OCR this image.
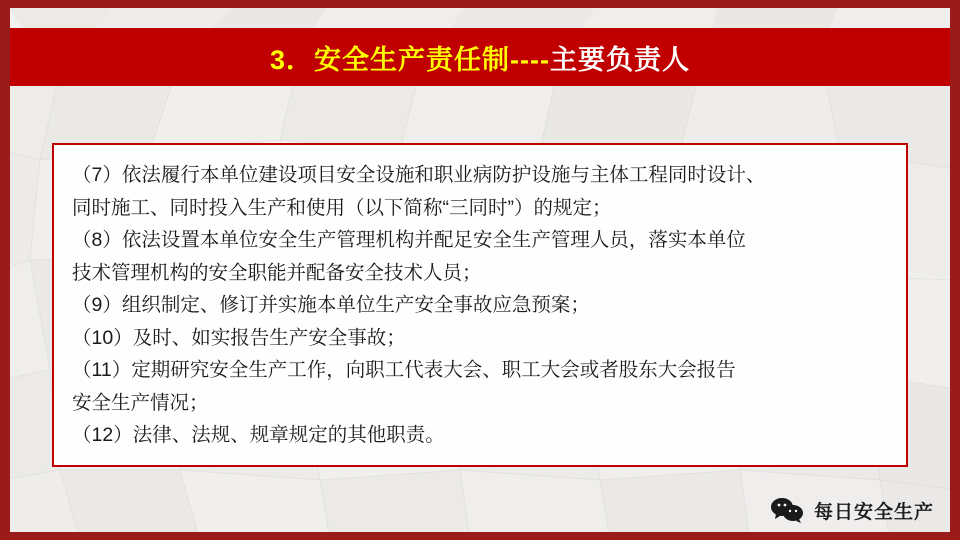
3．安全生产责任制----主要负责人
（7）依法履行本单位建设项目安全设施和职业病防护设施与主体工程同时设计、
同时施工、同时投入生产和使用（以下简称“三同时”）的规定；
（8）依法设置本单位安全生产管理机构并配足安全生产管理人员，落实本单位
技术管理机构的安全职能并配备安全技术人员；
（9）组织制定、修订并实施本单位生产安全事故应急预案；
（10）及时、如实报告生产安全事故；
（11）定期研究安全生产工作，向职工代表大会、职工大会或者股东大会报告
安全生产情况；
（12）法律、法规、规章规定的其他职责。
每日安全生产
